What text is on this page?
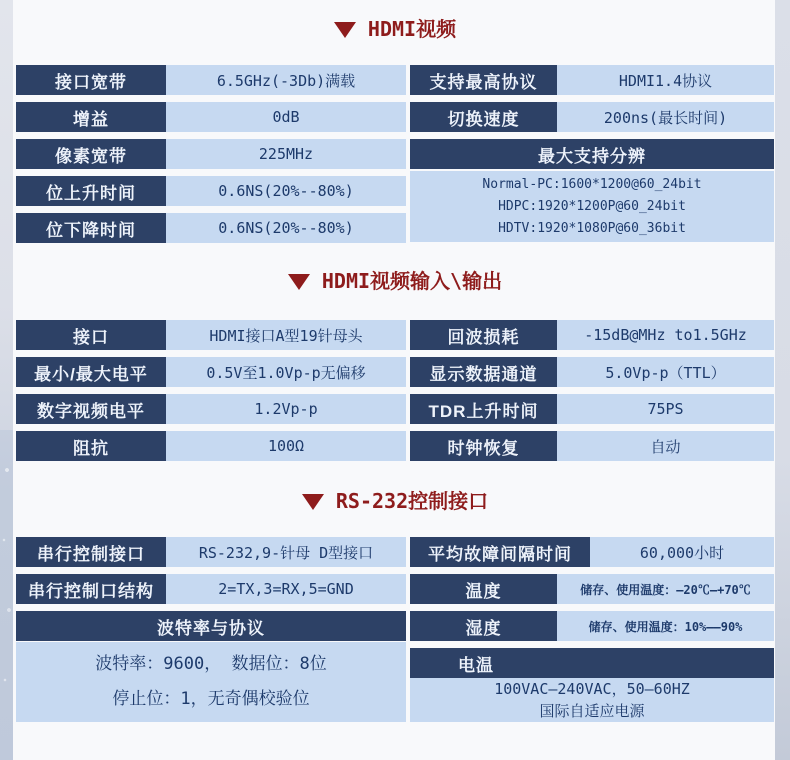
HDMI视频
接口宽带	6.5GHz(-3Db)满载
增益	0dB
像素宽带	225MHz
位上升时间	0.6NS(20%--80%)
位下降时间	0.6NS(20%--80%)
支持最高协议	HDMI1.4协议
切换速度	200ns(最长时间)
最大支持分辨
Normal-PC:1600*1200@60_24bit
HDPC:1920*1200P@60_24bit
HDTV:1920*1080P@60_36bit
HDMI视频输入\输出
接口	HDMI接口A型19针母头
最小/最大电平	0.5V至1.0Vp-p无偏移
数字视频电平	1.2Vp-p
阻抗	100Ω
回波损耗	-15dB@MHz to1.5GHz
显示数据通道	5.0Vp-p（TTL）
TDR上升时间	75PS
时钟恢复	自动
RS-232控制接口
串行控制接口	RS-232,9-针母 D型接口
串行控制口结构	2=TX,3=RX,5=GND
波特率与协议
波特率：9600， 数据位：8位
停止位：1，无奇偶校验位
平均故障间隔时间	60,000小时
温度	储存、使用温度：—20℃—+70℃
湿度	储存、使用温度：10%——90%
电温
100VAC—240VAC，50—60HZ
国际自适应电源
